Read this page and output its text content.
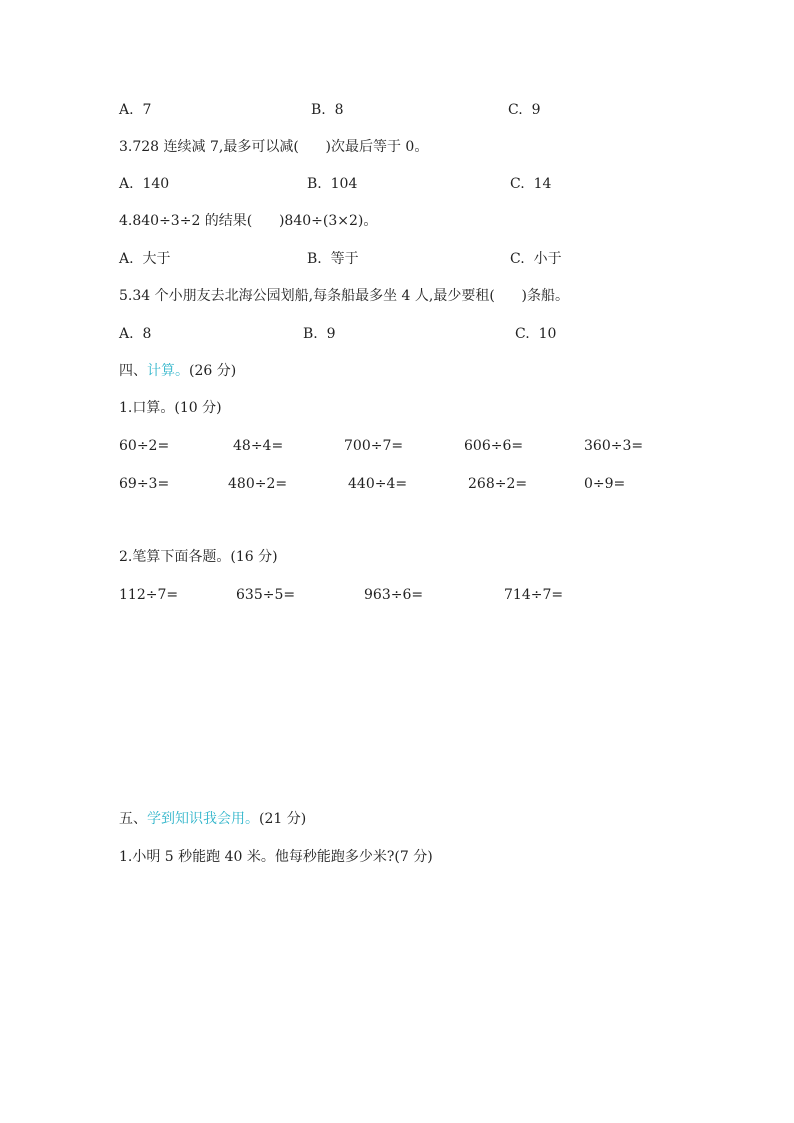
A.  7	B.  8	C.  9
3.728 连续减 7,最多可以减(      )次最后等于 0。
A.  140	B.  104	C.  14
4.840÷3÷2 的结果(      )840÷(3×2)。
A.  大于	B.  等于	C.  小于
5.34 个小朋友去北海公园划船,每条船最多坐 4 人,最少要租(      )条船。
A.  8	B.  9	C.  10
四、计算。(26 分)
1.口算。(10 分)
60÷2=	48÷4=	700÷7=	606÷6=	360÷3=
69÷3=	480÷2=	440÷4=	268÷2=	0÷9=
2.笔算下面各题。(16 分)
112÷7=	635÷5=	963÷6=	714÷7=
五、学到知识我会用。(21 分)
1.小明 5 秒能跑 40 米。他每秒能跑多少米?(7 分)
